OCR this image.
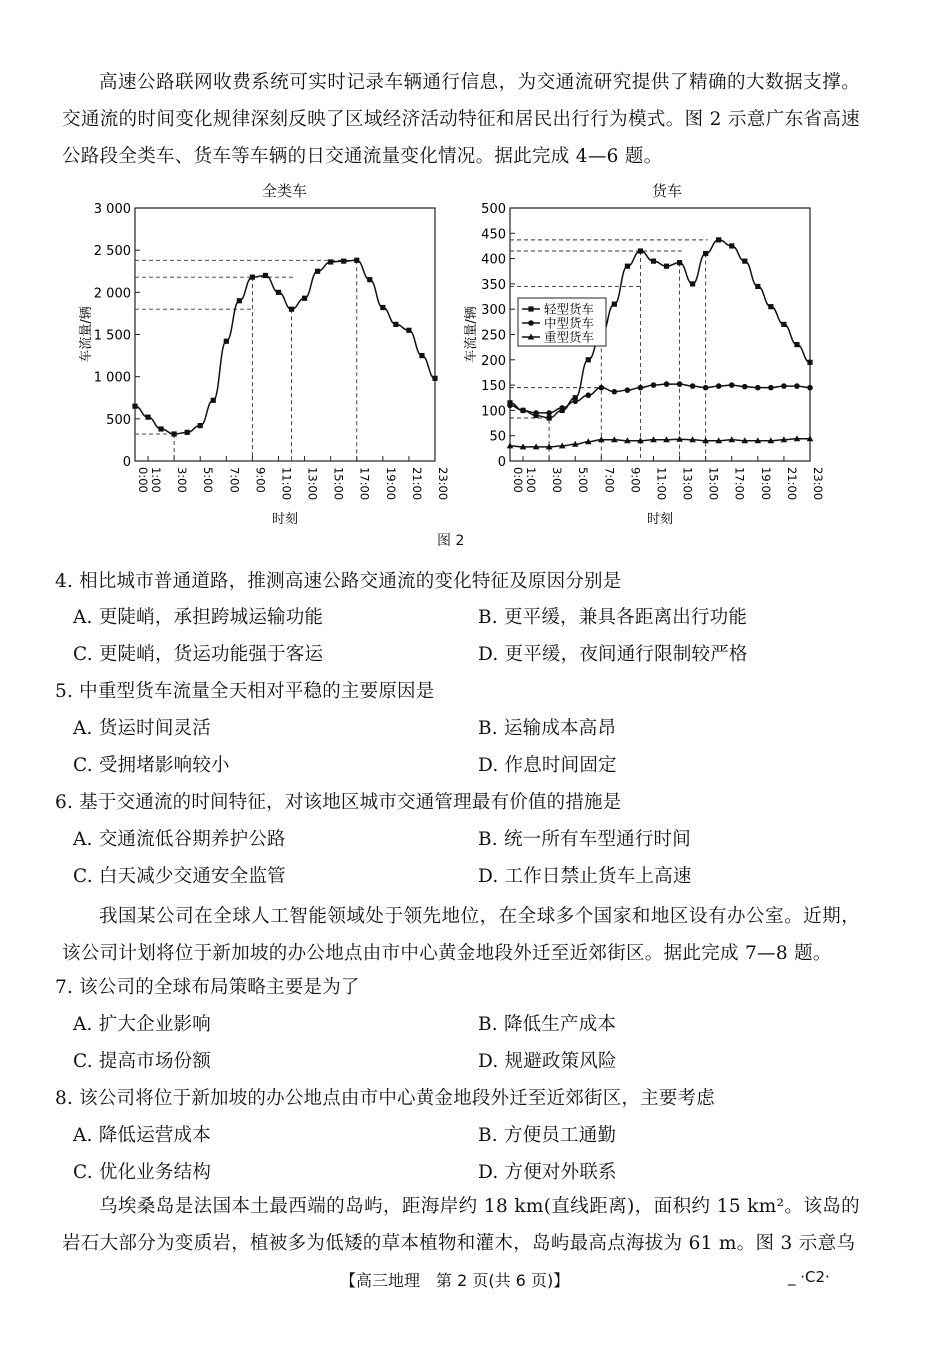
高速公路联网收费系统可实时记录车辆通行信息，为交通流研究提供了精确的大数据支撑。交通流的时间变化规律深刻反映了区域经济活动特征和居民出行行为模式。图 2 示意广东省高速公路段全类车、货车等车辆的日交通流量变化情况。据此完成 4—6 题。
全类车
0
500
1 000
1 500
2 000
2 500
3 000
0:00 1:00 3:00 5:00 7:00 9:00 11:00 13:00 15:00 17:00 19:00 21:00 23:00
时刻
车流量/辆
货车
0
50
100
150
200
250
300
350
400
450
500
0:00 1:00 3:00 5:00 7:00 9:00 11:00 13:00 15:00 17:00 19:00 21:00 23:00
时刻
车流量/辆	轻型货车
中型货车
重型货车
图 2
4. 相比城市普通道路，推测高速公路交通流的变化特征及原因分别是
A. 更陡峭，承担跨城运输功能	B. 更平缓，兼具各距离出行功能
C. 更陡峭，货运功能强于客运	D. 更平缓，夜间通行限制较严格
5. 中重型货车流量全天相对平稳的主要原因是
A. 货运时间灵活	B. 运输成本高昂
C. 受拥堵影响较小	D. 作息时间固定
6. 基于交通流的时间特征，对该地区城市交通管理最有价值的措施是
A. 交通流低谷期养护公路	B. 统一所有车型通行时间
C. 白天减少交通安全监管	D. 工作日禁止货车上高速
我国某公司在全球人工智能领域处于领先地位，在全球多个国家和地区设有办公室。近期，该公司计划将位于新加坡的办公地点由市中心黄金地段外迁至近郊街区。据此完成 7—8 题。
7. 该公司的全球布局策略主要是为了
A. 扩大企业影响	B. 降低生产成本
C. 提高市场份额	D. 规避政策风险
8. 该公司将位于新加坡的办公地点由市中心黄金地段外迁至近郊街区，主要考虑
A. 降低运营成本	B. 方便员工通勤
C. 优化业务结构	D. 方便对外联系
乌埃桑岛是法国本土最西端的岛屿，距海岸约 18 km(直线距离)，面积约 15 km²。该岛的岩石大部分为变质岩，植被多为低矮的草本植物和灌木，岛屿最高点海拔为 61 m。图 3 示意乌
【高三地理　第 2 页(共 6 页)】	_ ·C2·
